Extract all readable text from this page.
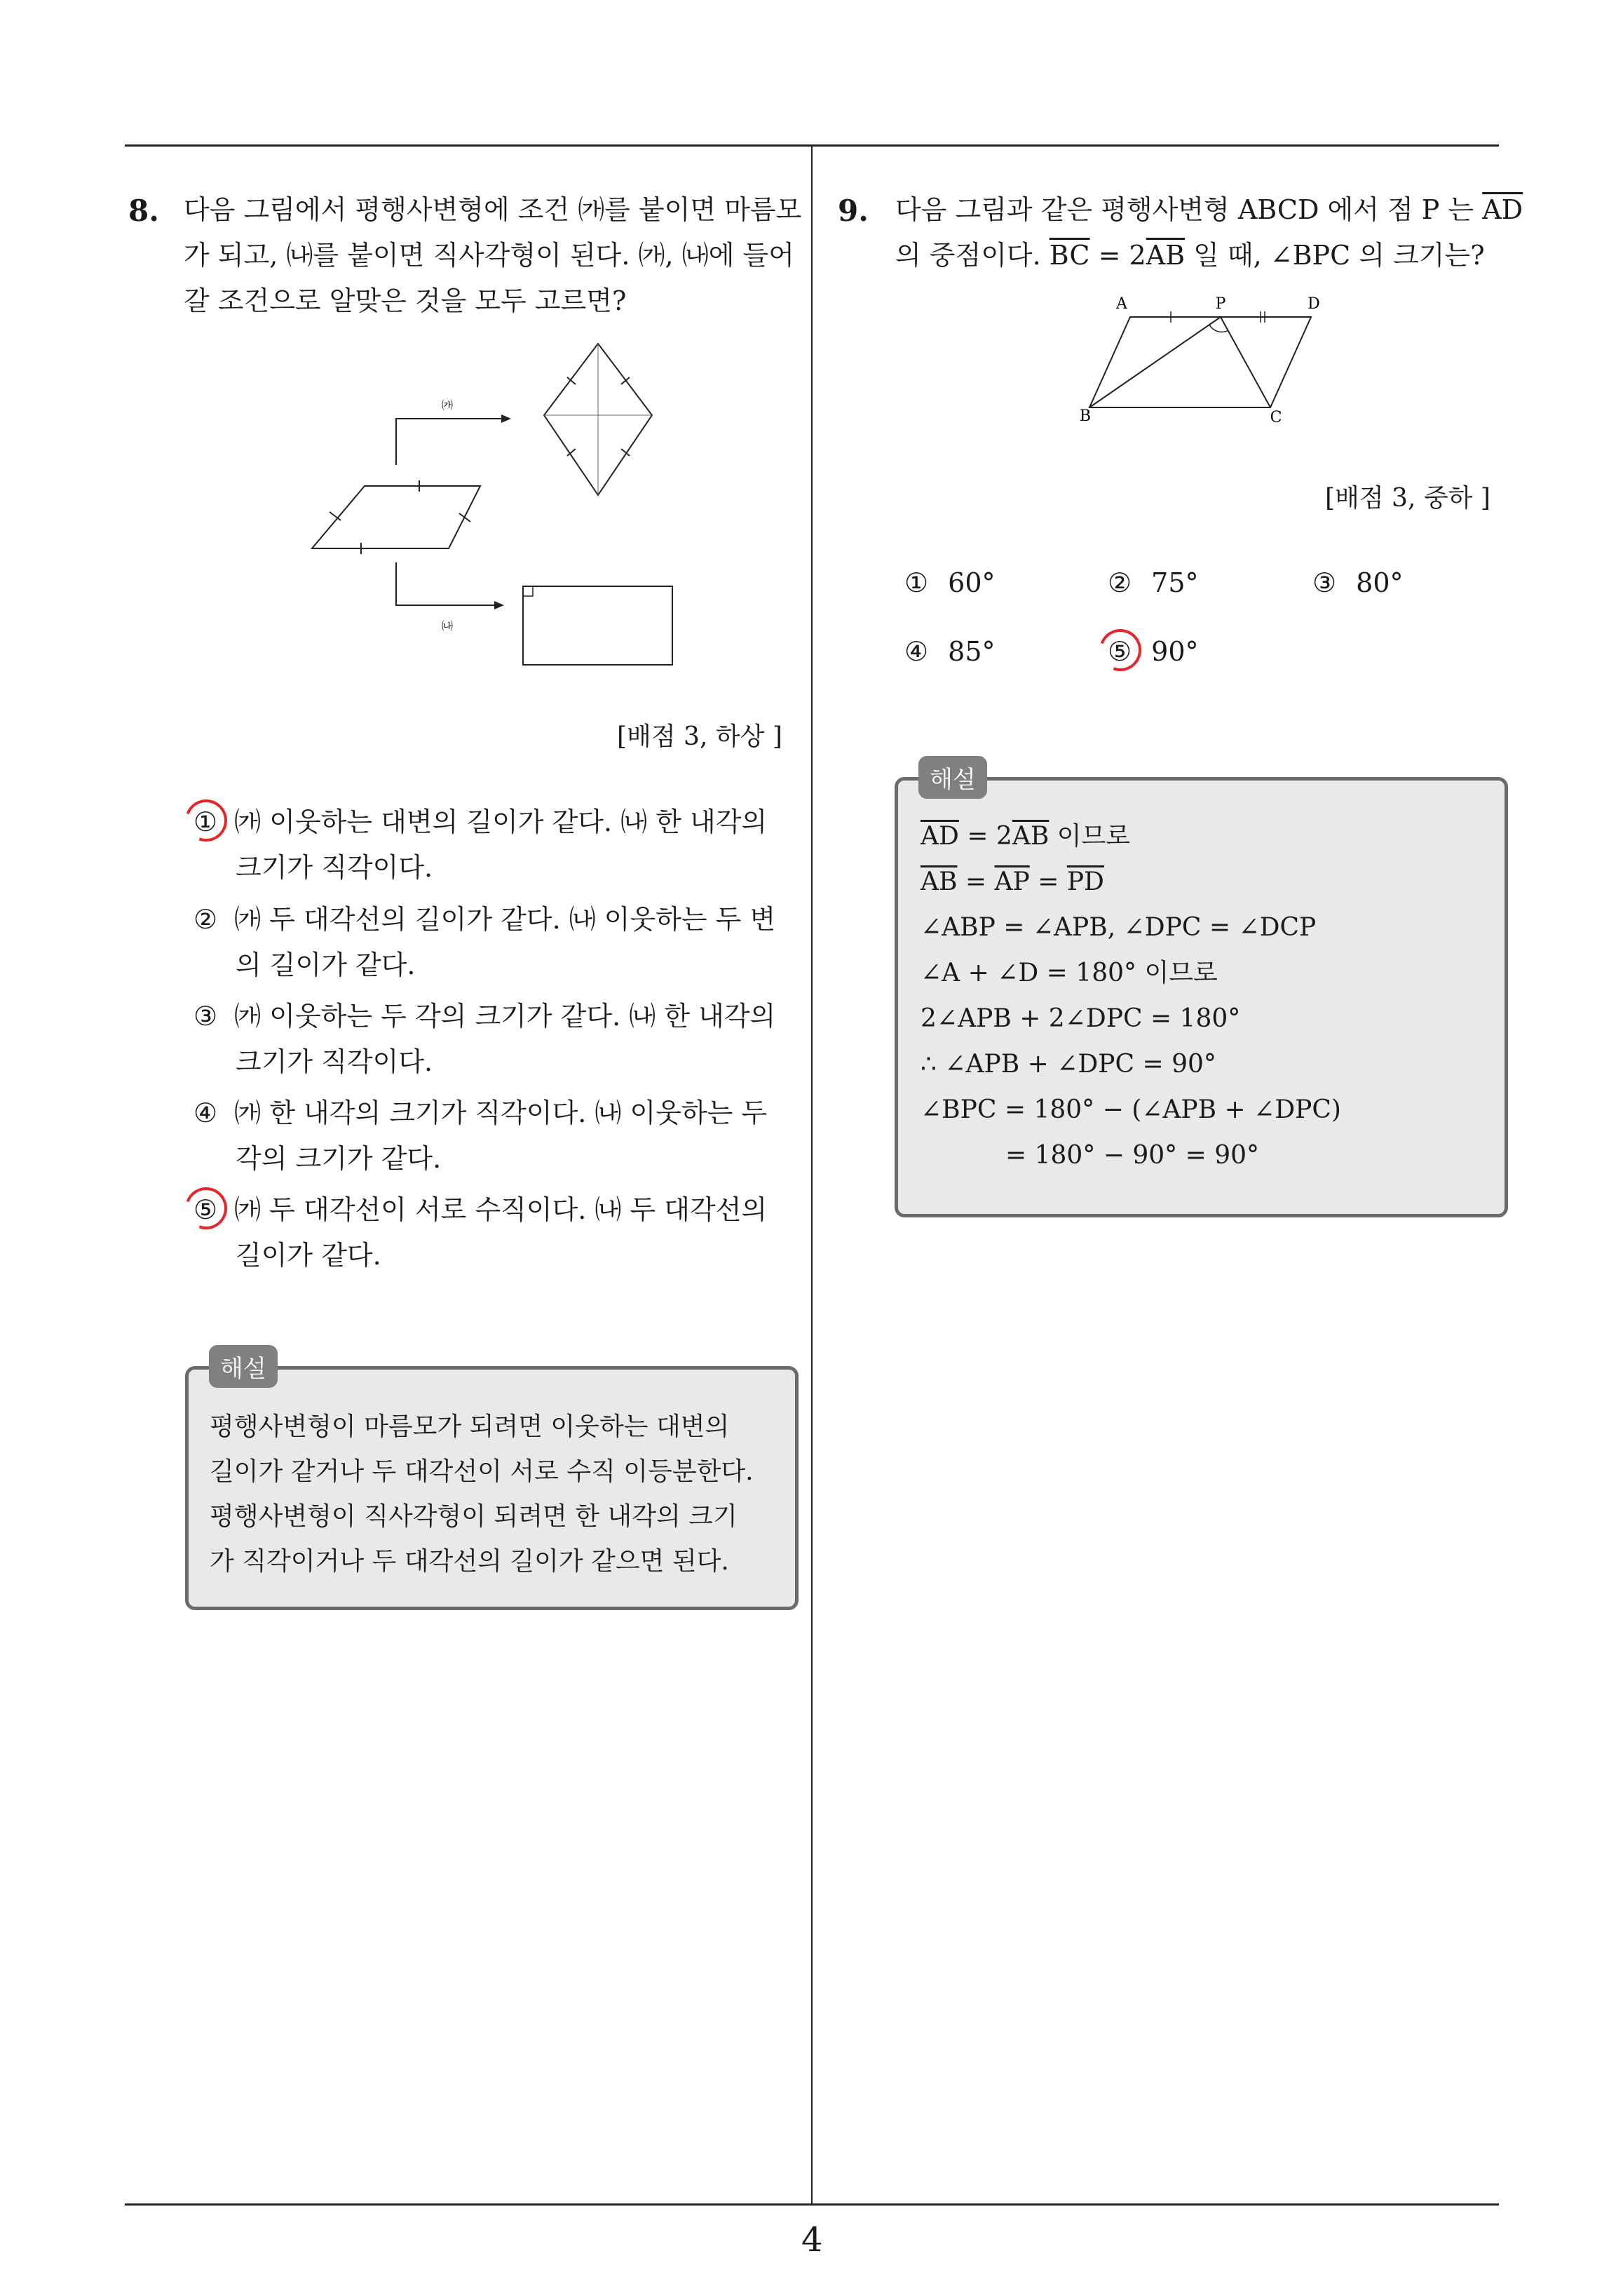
4
8. 다음 그림에서 평행사변형에 조건 ㈎를 붙이면 마름모
가 되고, ㈏를 붙이면 직사각형이 된다. ㈎, ㈏에 들어
갈 조건으로 알맞은 것을 모두 고르면?
㈎
㈏
[배점 3, 하상 ]
① ㈎ 이웃하는 대변의 길이가 같다. ㈏ 한 내각의
크기가 직각이다.
② ㈎ 두 대각선의 길이가 같다. ㈏ 이웃하는 두 변
의 길이가 같다.
③ ㈎ 이웃하는 두 각의 크기가 같다. ㈏ 한 내각의
크기가 직각이다.
④ ㈎ 한 내각의 크기가 직각이다. ㈏ 이웃하는 두
각의 크기가 같다.
⑤ ㈎ 두 대각선이 서로 수직이다. ㈏ 두 대각선의
길이가 같다.
평행사변형이 마름모가 되려면 이웃하는 대변의
길이가 같거나 두 대각선이 서로 수직 이등분한다.
평행사변형이 직사각형이 되려면 한 내각의 크기
가 직각이거나 두 대각선의 길이가 같으면 된다.
해설
9. 다음 그림과 같은 평행사변형 ABCD 에서 점 P 는 $\overline{AD}$
의 중점이다. $\overline{BC} = 2\overline{AB}$ 일 때, ∠BPC 의 크기는?
A	P	D
B	C
[배점 3, 중하 ]
① 60°	② 75°	③ 80°
④ 85°	⑤ 90°
$\overline{AD} = 2\overline{AB}$ 이므로
$\overline{AB} = \overline{AP} = \overline{PD}$
∠ABP = ∠APB, ∠DPC = ∠DCP
∠A + ∠D = 180° 이므로
2∠APB + 2∠DPC = 180°
∴ ∠APB + ∠DPC = 90°
∠BPC = 180° − (∠APB + ∠DPC)
= 180° − 90° = 90°
해설
